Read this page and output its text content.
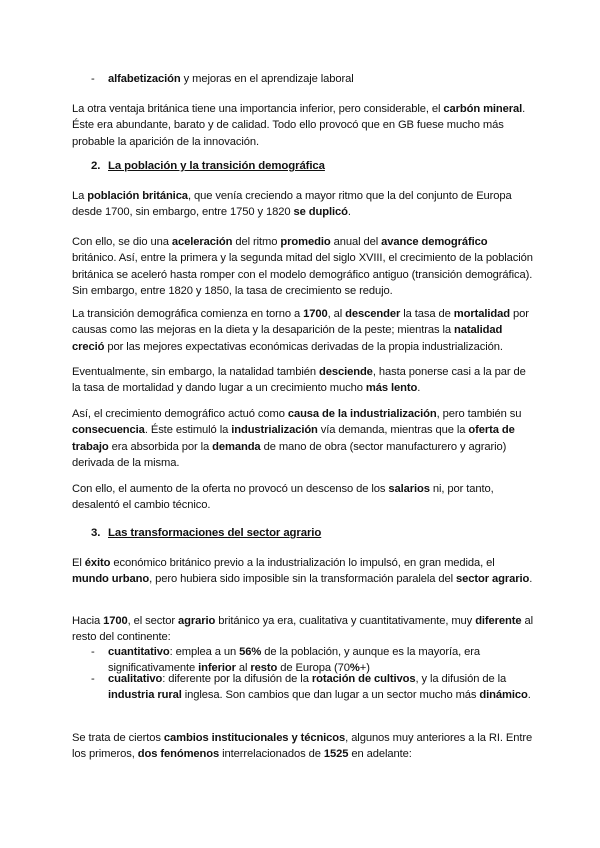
- alfabetización y mejoras en el aprendizaje laboral

La otra ventaja británica tiene una importancia inferior, pero considerable, el carbón mineral. Éste era abundante, barato y de calidad. Todo ello provocó que en GB fuese mucho más probable la aparición de la innovación.

2. La población y la transición demográfica

La población británica, que venía creciendo a mayor ritmo que la del conjunto de Europa desde 1700, sin embargo, entre 1750 y 1820 se duplicó.

Con ello, se dio una aceleración del ritmo promedio anual del avance demográfico británico. Así, entre la primera y la segunda mitad del siglo XVIII, el crecimiento de la población británica se aceleró hasta romper con el modelo demográfico antiguo (transición demográfica). Sin embargo, entre 1820 y 1850, la tasa de crecimiento se redujo.

La transición demográfica comienza en torno a 1700, al descender la tasa de mortalidad por causas como las mejoras en la dieta y la desaparición de la peste; mientras la natalidad creció por las mejores expectativas económicas derivadas de la propia industrialización.

Eventualmente, sin embargo, la natalidad también desciende, hasta ponerse casi a la par de la tasa de mortalidad y dando lugar a un crecimiento mucho más lento.

Así, el crecimiento demográfico actuó como causa de la industrialización, pero también su consecuencia. Éste estimuló la industrialización vía demanda, mientras que la oferta de trabajo era absorbida por la demanda de mano de obra (sector manufacturero y agrario) derivada de la misma.

Con ello, el aumento de la oferta no provocó un descenso de los salarios ni, por tanto, desalentó el cambio técnico.

3. Las transformaciones del sector agrario

El éxito económico británico previo a la industrialización lo impulsó, en gran medida, el mundo urbano, pero hubiera sido imposible sin la transformación paralela del sector agrario.

Hacia 1700, el sector agrario británico ya era, cualitativa y cuantitativamente, muy diferente al resto del continente:

- cuantitativo: emplea a un 56% de la población, y aunque es la mayoría, era significativamente inferior al resto de Europa (70%+)
- cualitativo: diferente por la difusión de la rotación de cultivos, y la difusión de la industria rural inglesa. Son cambios que dan lugar a un sector mucho más dinámico.

Se trata de ciertos cambios institucionales y técnicos, algunos muy anteriores a la RI. Entre los primeros, dos fenómenos interrelacionados de 1525 en adelante:
